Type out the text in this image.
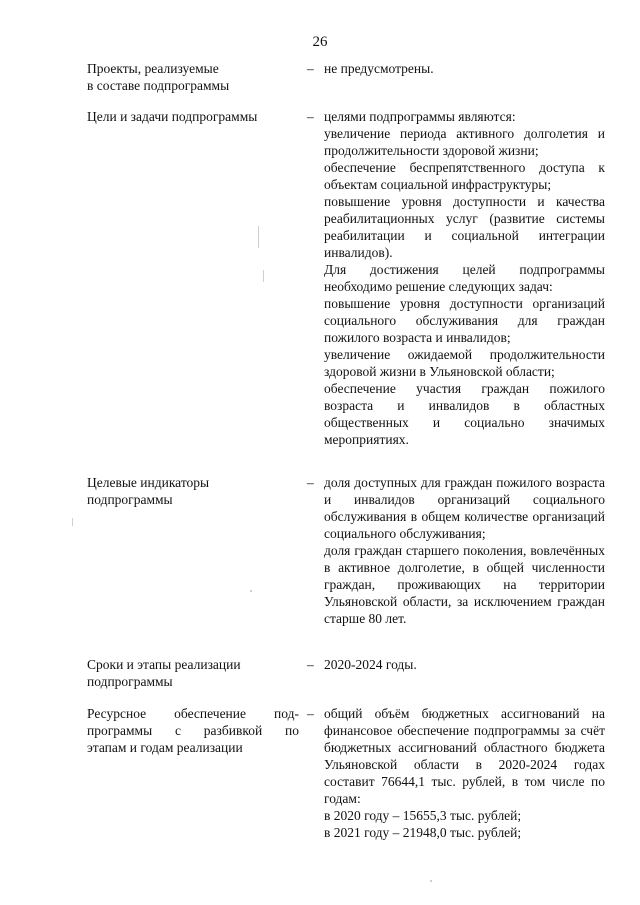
26

Проекты, реализуемые

в составе подпрограммы

– не предусмотрены.

Цели и задачи подпрограммы	– целями подпрограммы являются:

увеличение периода активного долголетия и продолжительности здоровой жизни;

обеспечение беспрепятственного доступа к объектам социальной инфраструктуры;

повышение уровня доступности и качества реабилитационных услуг (развитие системы реабилитации и социальной интеграции инвалидов).

Для достижения целей подпрограммы необходимо решение следующих задач:

повышение уровня доступности организаций социального обслуживания для граждан пожилого возраста и инвалидов;

увеличение ожидаемой продолжительности здоровой жизни в Ульяновской области;

обеспечение участия граждан пожилого возраста и инвалидов в областных общественных и социально значимых мероприятиях.

Целевые индикаторы

подпрограммы

– доля доступных для граждан пожилого возраста и инвалидов организаций социального обслуживания в общем количестве организаций социального обслуживания;

доля граждан старшего поколения, вовлечённых в активное долголетие, в общей численности граждан, проживающих на территории Ульяновской области, за исключением граждан старше 80 лет.

Сроки и этапы реализации

подпрограммы

– 2020-2024 годы.

Ресурсное обеспечение под-

программы с разбивкой по

этапам и годам реализации

– общий объём бюджетных ассигнований на финансовое обеспечение подпрограммы за счёт бюджетных ассигнований областного бюджета Ульяновской области в 2020-2024 годах составит 76644,1 тыс. рублей, в том числе по годам:

в 2020 году – 15655,3 тыс. рублей;

в 2021 году – 21948,0 тыс. рублей;
